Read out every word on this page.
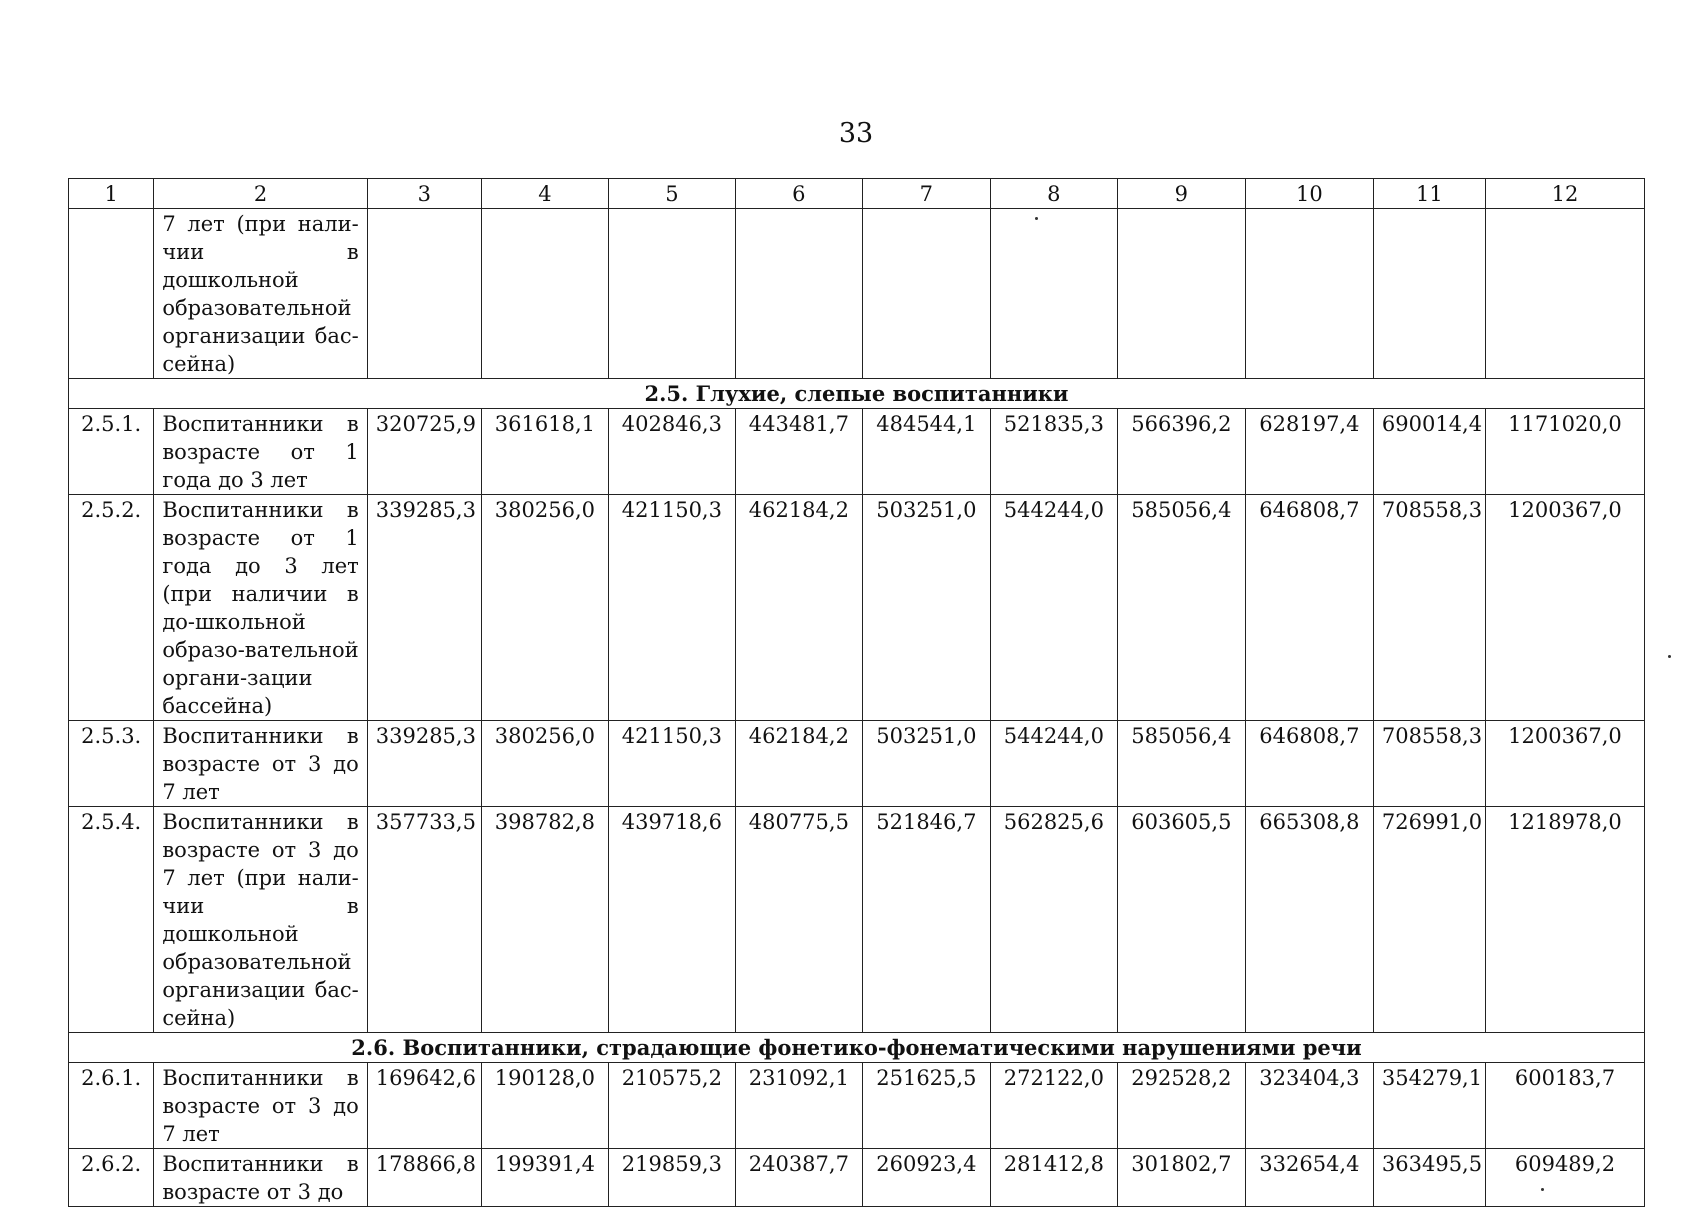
33
1	2	3	4	5	6	7	8	9	10	11	12
	7 лет (при нали-чии в дошкольной образовательной организации бас-сейна)										
2.5. Глухие, слепые воспитанники											
2.5.1.	Воспитанники в возрасте от 1 года до 3 лет	320725,9	361618,1	402846,3	443481,7	484544,1	521835,3	566396,2	628197,4	690014,4	1171020,0
2.5.2.	Воспитанники в возрасте от 1 года до 3 лет (при наличии в до-школьной образо-вательной органи-зации бассейна)	339285,3	380256,0	421150,3	462184,2	503251,0	544244,0	585056,4	646808,7	708558,3	1200367,0
2.5.3.	Воспитанники в возрасте от 3 до 7 лет	339285,3	380256,0	421150,3	462184,2	503251,0	544244,0	585056,4	646808,7	708558,3	1200367,0
2.5.4.	Воспитанники в возрасте от 3 до 7 лет (при нали-чии в дошкольной образовательной организации бас-сейна)	357733,5	398782,8	439718,6	480775,5	521846,7	562825,6	603605,5	665308,8	726991,0	1218978,0
2.6. Воспитанники, страдающие фонетико-фонематическими нарушениями речи											
2.6.1.	Воспитанники в возрасте от 3 до 7 лет	169642,6	190128,0	210575,2	231092,1	251625,5	272122,0	292528,2	323404,3	354279,1	600183,7
2.6.2.	Воспитанники в возрасте от 3 до	178866,8	199391,4	219859,3	240387,7	260923,4	281412,8	301802,7	332654,4	363495,5	609489,2
